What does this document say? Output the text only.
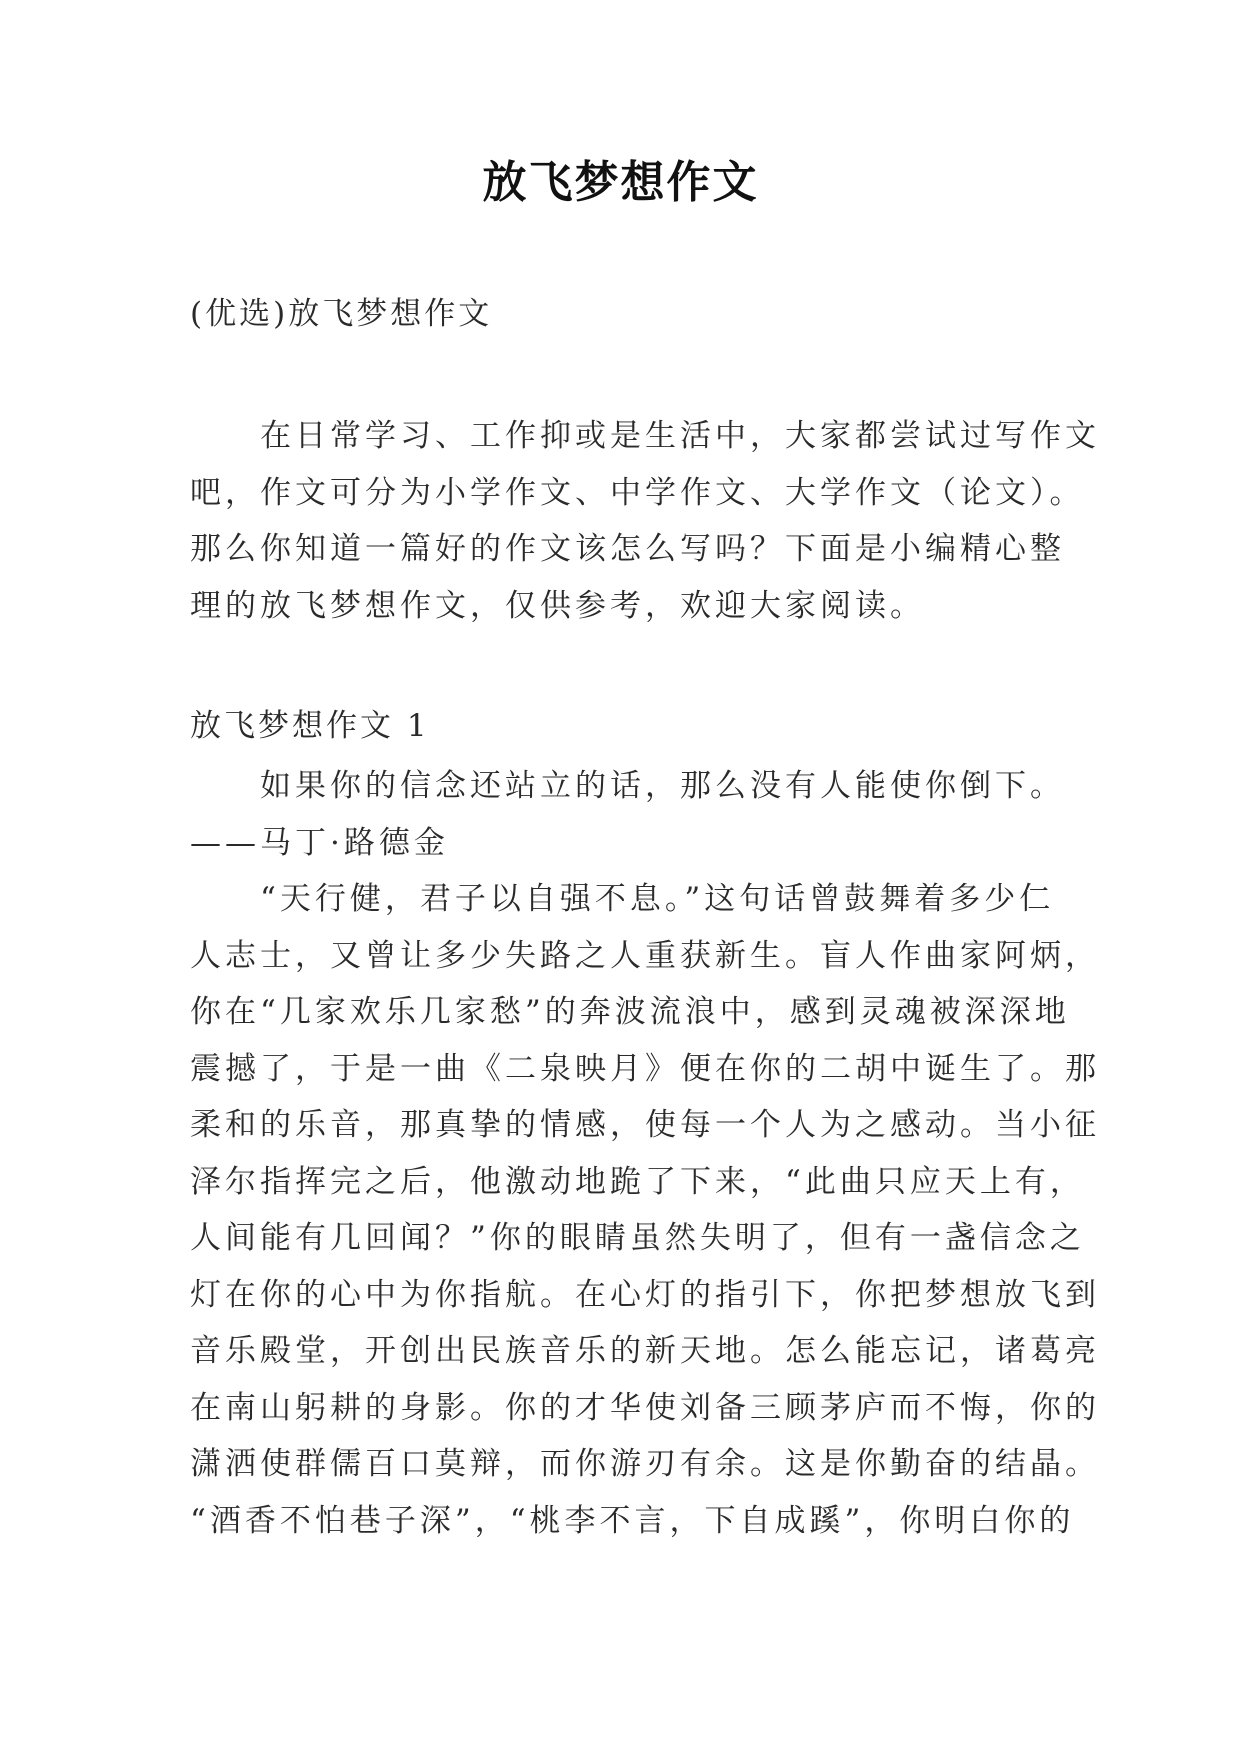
放飞梦想作文

(优选)放飞梦想作文

在日常学习、工作抑或是生活中，大家都尝试过写作文
吧，作文可分为小学作文、中学作文、大学作文（论文）。
那么你知道一篇好的作文该怎么写吗？下面是小编精心整
理的放飞梦想作文，仅供参考，欢迎大家阅读。

放飞梦想作文 1

如果你的信念还站立的话，那么没有人能使你倒下。
——马丁·路德金
“天行健，君子以自强不息。”这句话曾鼓舞着多少仁
人志士，又曾让多少失路之人重获新生。盲人作曲家阿炳，
你在“几家欢乐几家愁”的奔波流浪中，感到灵魂被深深地
震撼了，于是一曲《二泉映月》便在你的二胡中诞生了。那
柔和的乐音，那真挚的情感，使每一个人为之感动。当小征
泽尔指挥完之后，他激动地跪了下来，“此曲只应天上有，
人间能有几回闻？”你的眼睛虽然失明了，但有一盏信念之
灯在你的心中为你指航。在心灯的指引下，你把梦想放飞到
音乐殿堂，开创出民族音乐的新天地。怎么能忘记，诸葛亮
在南山躬耕的身影。你的才华使刘备三顾茅庐而不悔，你的
潇洒使群儒百口莫辩，而你游刃有余。这是你勤奋的结晶。
“酒香不怕巷子深”，“桃李不言，下自成蹊”，你明白你的
